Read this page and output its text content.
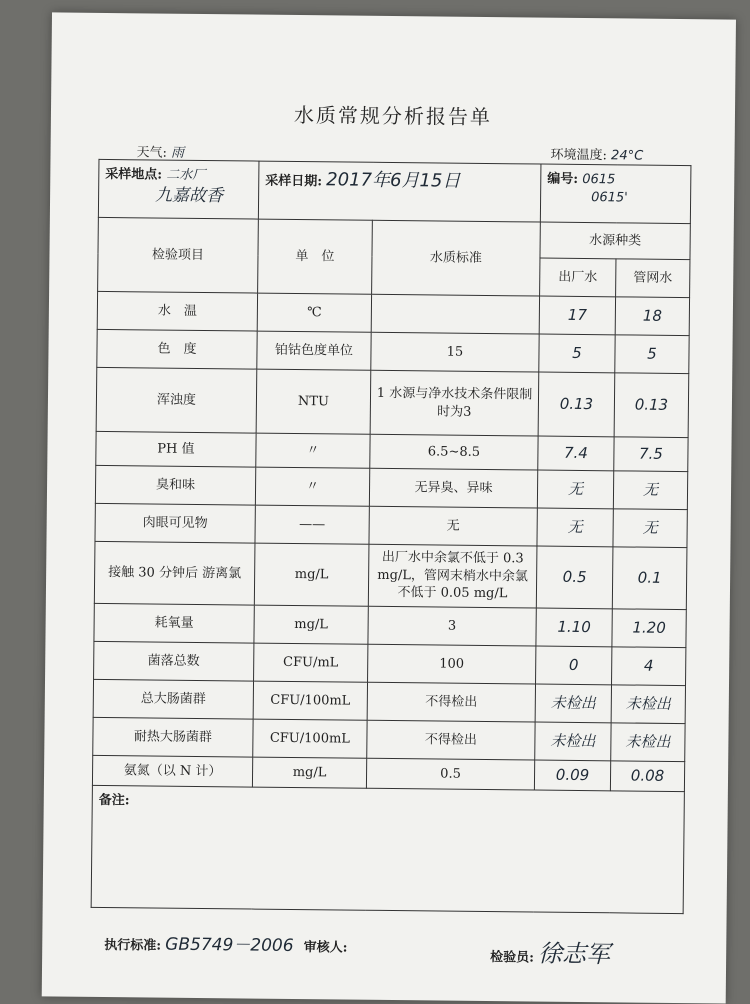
水质常规分析报告单
天气: 雨	环境温度: 24°C
采样地点: 二水厂
九嘉故香	采样日期: 2017年6月15日		编号: 0615
0615'	
检验项目	单　位	水质标准	水源种类	
			出厂水	管网水
水　温	℃		17	18
色　度	铂钴色度单位	15	5	5
浑浊度	NTU	1 水源与净水技术条件限制时为3	0.13	0.13
PH 值	〃	6.5~8.5	7.4	7.5
臭和味	〃	无异臭、异味	无	无
肉眼可见物	——	无	无	无
接触 30 分钟后 游离氯	mg/L	出厂水中余氯不低于 0.3 mg/L，管网末梢水中余氯不低于 0.05 mg/L	0.5	0.1
耗氧量	mg/L	3	1.10	1.20
菌落总数	CFU/mL	100	0	4
总大肠菌群	CFU/100mL	不得检出	未检出	未检出
耐热大肠菌群	CFU/100mL	不得检出	未检出	未检出
氨氮（以 N 计）	mg/L	0.5	0.09	0.08
备注:				
执行标准: GB5749－2006 审核人:
检验员: 徐志军
